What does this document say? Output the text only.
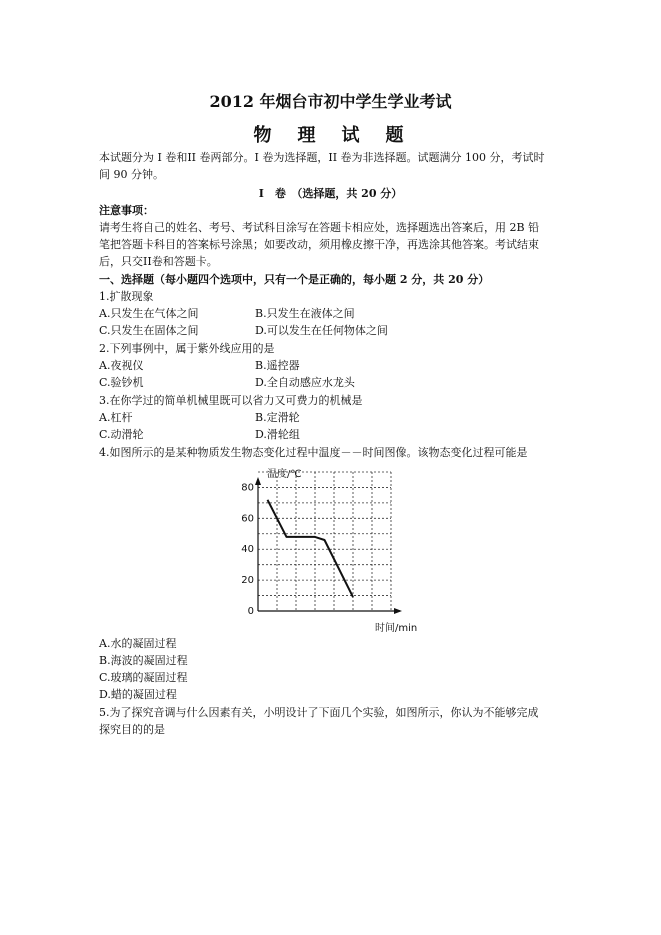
2012 年烟台市初中学生学业考试
物　理　试　题
本试题分为 I 卷和II 卷两部分。I 卷为选择题，II 卷为非选择题。试题满分 100 分，考试时
间 90 分钟。
I　卷　（选择题，共 20 分）
注意事项：
请考生将自己的姓名、考号、考试科目涂写在答题卡相应处，选择题选出答案后，用 2B 铅
笔把答题卡科目的答案标号涂黑；如要改动，须用橡皮擦干净，再选涂其他答案。考试结束
后，只交II卷和答题卡。
一、选择题（每小题四个选项中，只有一个是正确的，每小题 2 分，共 20 分）
1.扩散现象
A.只发生在气体之间	B.只发生在液体之间
C.只发生在固体之间	D.可以发生在任何物体之间
2.下列事例中，属于紫外线应用的是
A.夜视仪	B.遥控器
C.验钞机	D.全自动感应水龙头
3.在你学过的简单机械里既可以省力又可费力的机械是
A.杠杆	B.定滑轮
C.动滑轮	D.滑轮组
4.如图所示的是某种物质发生物态变化过程中温度－－时间图像。该物态变化过程可能是
0
20
40
60
80
温度/℃
时间/min
A.水的凝固过程
B.海波的凝固过程
C.玻璃的凝固过程
D.蜡的凝固过程
5.为了探究音调与什么因素有关，小明设计了下面几个实验，如图所示，你认为不能够完成
探究目的的是
